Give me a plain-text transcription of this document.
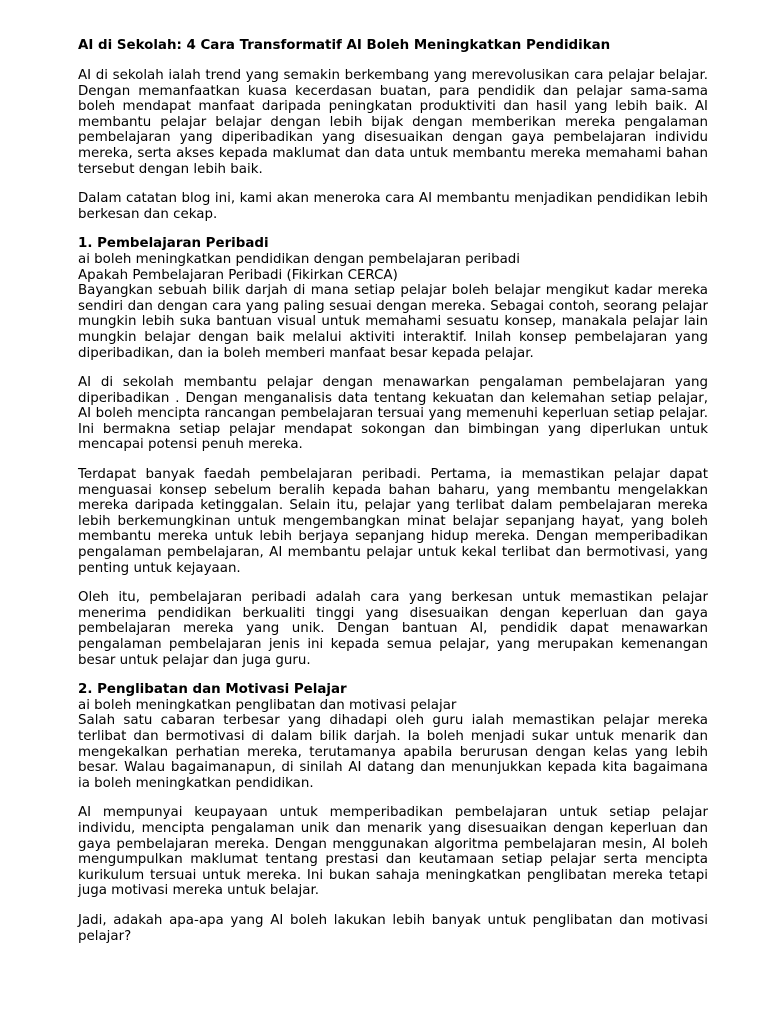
AI di Sekolah: 4 Cara Transformatif AI Boleh Meningkatkan Pendidikan

AI di sekolah ialah trend yang semakin berkembang yang merevolusikan cara pelajar belajar. Dengan memanfaatkan kuasa kecerdasan buatan, para pendidik dan pelajar sama-sama boleh mendapat manfaat daripada peningkatan produktiviti dan hasil yang lebih baik. AI membantu pelajar belajar dengan lebih bijak dengan memberikan mereka pengalaman pembelajaran yang diperibadikan yang disesuaikan dengan gaya pembelajaran individu mereka, serta akses kepada maklumat dan data untuk membantu mereka memahami bahan tersebut dengan lebih baik.

Dalam catatan blog ini, kami akan meneroka cara AI membantu menjadikan pendidikan lebih berkesan dan cekap.

1. Pembelajaran Peribadi

ai boleh meningkatkan pendidikan dengan pembelajaran peribadi

Apakah Pembelajaran Peribadi (Fikirkan CERCA)

Bayangkan sebuah bilik darjah di mana setiap pelajar boleh belajar mengikut kadar mereka sendiri dan dengan cara yang paling sesuai dengan mereka. Sebagai contoh, seorang pelajar mungkin lebih suka bantuan visual untuk memahami sesuatu konsep, manakala pelajar lain mungkin belajar dengan baik melalui aktiviti interaktif. Inilah konsep pembelajaran yang diperibadikan, dan ia boleh memberi manfaat besar kepada pelajar.

AI di sekolah membantu pelajar dengan menawarkan pengalaman pembelajaran yang diperibadikan . Dengan menganalisis data tentang kekuatan dan kelemahan setiap pelajar, AI boleh mencipta rancangan pembelajaran tersuai yang memenuhi keperluan setiap pelajar. Ini bermakna setiap pelajar mendapat sokongan dan bimbingan yang diperlukan untuk mencapai potensi penuh mereka.

Terdapat banyak faedah pembelajaran peribadi. Pertama, ia memastikan pelajar dapat menguasai konsep sebelum beralih kepada bahan baharu, yang membantu mengelakkan mereka daripada ketinggalan. Selain itu, pelajar yang terlibat dalam pembelajaran mereka lebih berkemungkinan untuk mengembangkan minat belajar sepanjang hayat, yang boleh membantu mereka untuk lebih berjaya sepanjang hidup mereka. Dengan memperibadikan pengalaman pembelajaran, AI membantu pelajar untuk kekal terlibat dan bermotivasi, yang penting untuk kejayaan.

Oleh itu, pembelajaran peribadi adalah cara yang berkesan untuk memastikan pelajar menerima pendidikan berkualiti tinggi yang disesuaikan dengan keperluan dan gaya pembelajaran mereka yang unik. Dengan bantuan AI, pendidik dapat menawarkan pengalaman pembelajaran jenis ini kepada semua pelajar, yang merupakan kemenangan besar untuk pelajar dan juga guru.

2. Penglibatan dan Motivasi Pelajar

ai boleh meningkatkan penglibatan dan motivasi pelajar

Salah satu cabaran terbesar yang dihadapi oleh guru ialah memastikan pelajar mereka terlibat dan bermotivasi di dalam bilik darjah. Ia boleh menjadi sukar untuk menarik dan mengekalkan perhatian mereka, terutamanya apabila berurusan dengan kelas yang lebih besar. Walau bagaimanapun, di sinilah AI datang dan menunjukkan kepada kita bagaimana ia boleh meningkatkan pendidikan.

AI mempunyai keupayaan untuk memperibadikan pembelajaran untuk setiap pelajar individu, mencipta pengalaman unik dan menarik yang disesuaikan dengan keperluan dan gaya pembelajaran mereka. Dengan menggunakan algoritma pembelajaran mesin, AI boleh mengumpulkan maklumat tentang prestasi dan keutamaan setiap pelajar serta mencipta kurikulum tersuai untuk mereka. Ini bukan sahaja meningkatkan penglibatan mereka tetapi juga motivasi mereka untuk belajar.

Jadi, adakah apa-apa yang AI boleh lakukan lebih banyak untuk penglibatan dan motivasi pelajar?
